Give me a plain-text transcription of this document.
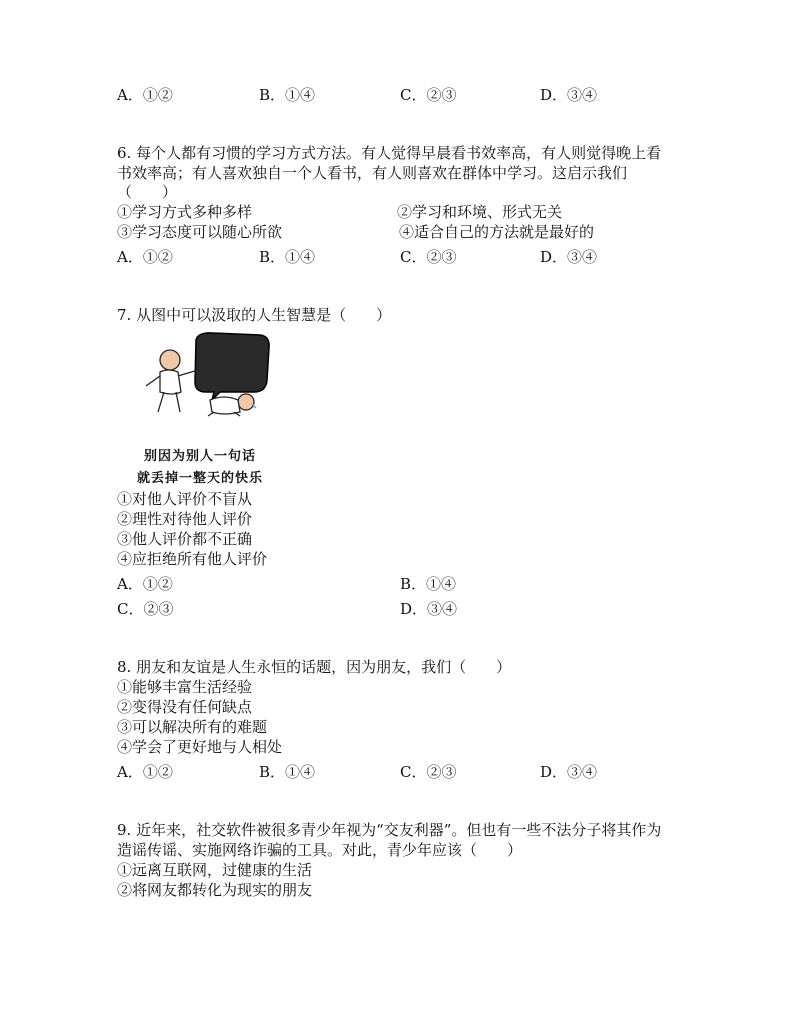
A．①②	B．①④	C．②③	D．③④
6. 每个人都有习惯的学习方式方法。有人觉得早晨看书效率高，有人则觉得晚上看
书效率高；有人喜欢独自一个人看书，有人则喜欢在群体中学习。这启示我们
（　　）
①学习方式多种多样	②学习和环境、形式无关
③学习态度可以随心所欲	④适合自己的方法就是最好的
A．①②	B．①④	C．②③	D．③④
7. 从图中可以汲取的人生智慧是（　　）
别因为别人一句话
就丢掉一整天的快乐
①对他人评价不盲从
②理性对待他人评价
③他人评价都不正确
④应拒绝所有他人评价
A．①②	B．①④
C．②③	D．③④
8. 朋友和友谊是人生永恒的话题，因为朋友，我们（　　）
①能够丰富生活经验
②变得没有任何缺点
③可以解决所有的难题
④学会了更好地与人相处
A．①②	B．①④	C．②③	D．③④
9. 近年来，社交软件被很多青少年视为“交友利器”。但也有一些不法分子将其作为
造谣传谣、实施网络诈骗的工具。对此，青少年应该（　　）
①远离互联网，过健康的生活
②将网友都转化为现实的朋友
